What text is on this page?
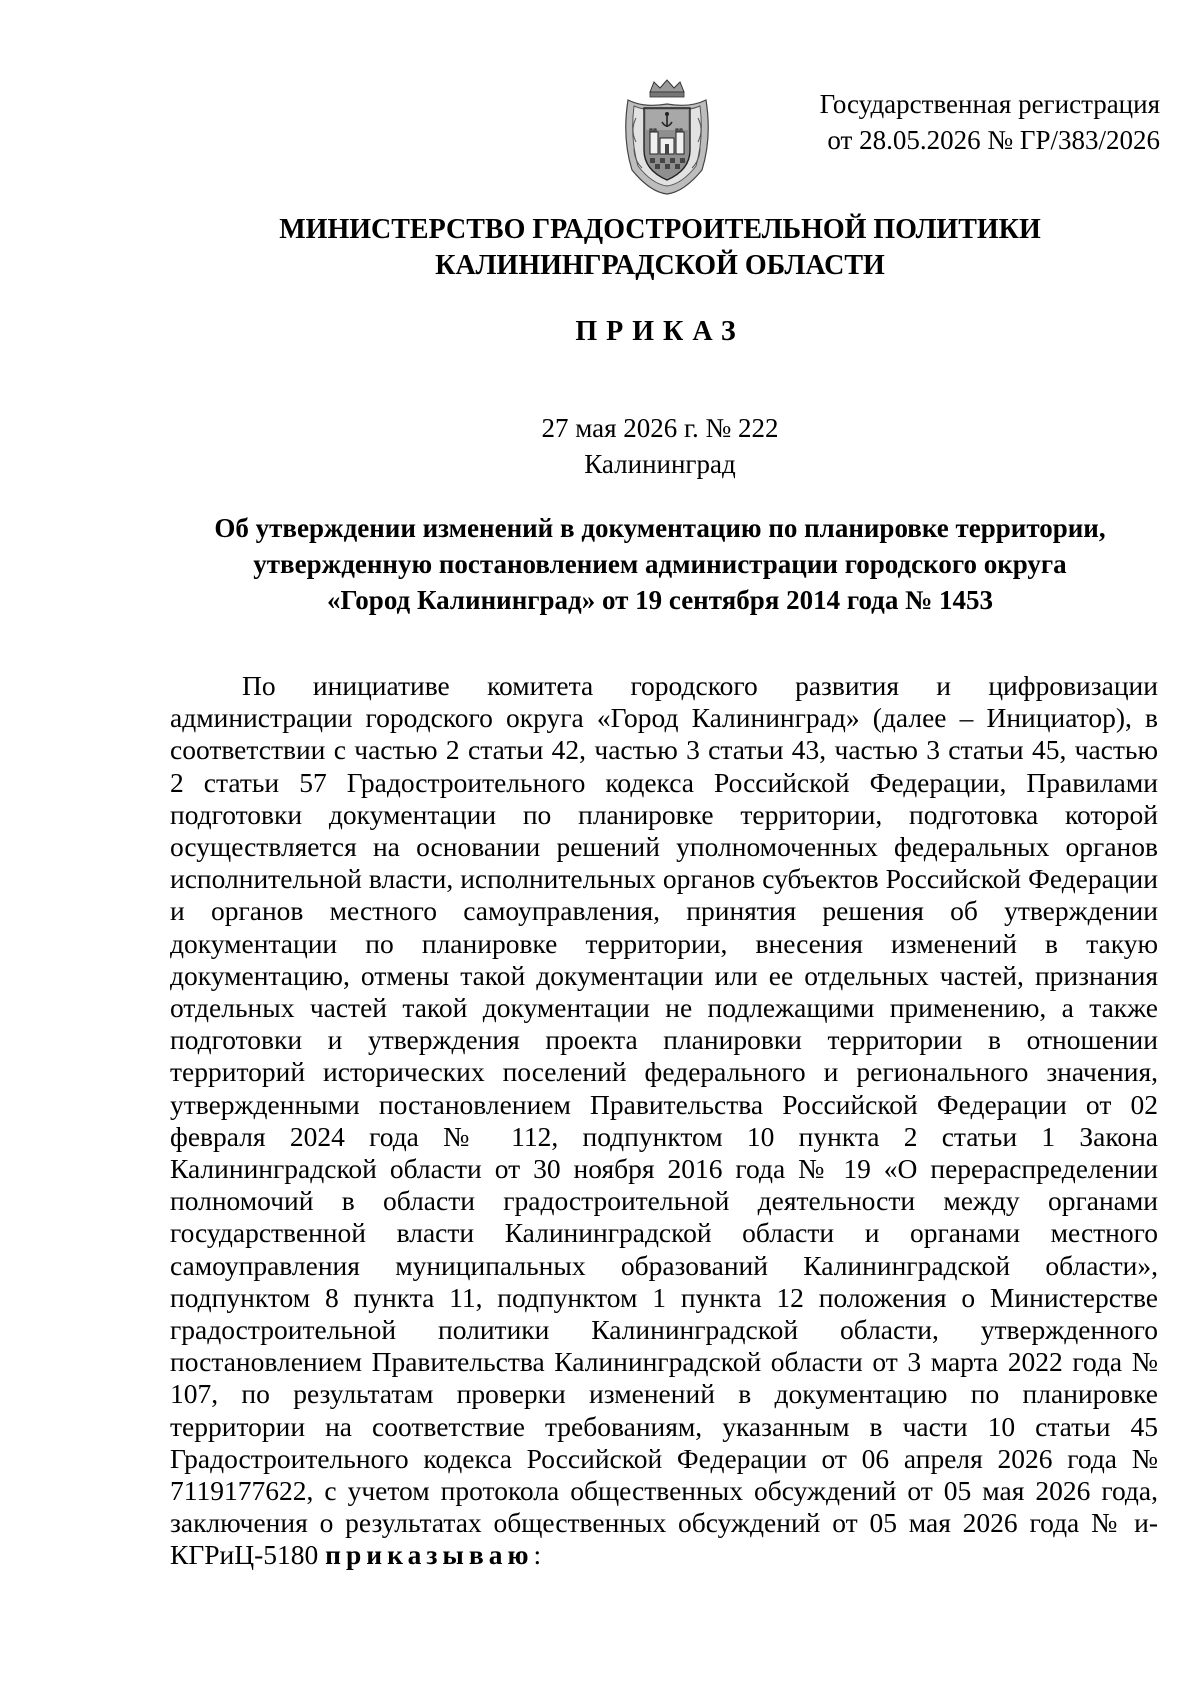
Государственная регистрация
от 28.05.2026 № ГР/383/2026
МИНИСТЕРСТВО ГРАДОСТРОИТЕЛЬНОЙ ПОЛИТИКИ
КАЛИНИНГРАДСКОЙ ОБЛАСТИ
ПРИКАЗ
27 мая 2026 г. № 222
Калининград
Об утверждении изменений в документацию по планировке территории,
утвержденную постановлением администрации городского округа
«Город Калининград» от 19 сентября 2014 года № 1453

По инициативе комитета городского развития и цифровизации администрации городского округа «Город Калининград» (далее – Инициатор), в соответствии с частью 2 статьи 42, частью 3 статьи 43, частью 3 статьи 45, частью 2 статьи 57 Градостроительного кодекса Российской Федерации, Правилами подготовки документации по планировке территории, подготовка которой осуществляется на основании решений уполномоченных федеральных органов исполнительной власти, исполнительных органов субъектов Российской Федерации и органов местного самоуправления, принятия решения об утверждении документации по планировке территории, внесения изменений в такую документацию, отмены такой документации или ее отдельных частей, признания отдельных частей такой документации не подлежащими применению, а также подготовки и утверждения проекта планировки территории в отношении территорий исторических поселений федерального и регионального значения, утвержденными постановлением Правительства Российской Федерации от 02 февраля 2024 года № 112, подпунктом 10 пункта 2 статьи 1 Закона Калининградской области от 30 ноября 2016 года № 19 «О перераспределении полномочий в области градостроительной деятельности между органами государственной власти Калининградской области и органами местного самоуправления муниципальных образований Калининградской области», подпунктом 8 пункта 11, подпунктом 1 пункта 12 положения о Министерстве градостроительной политики Калининградской области, утвержденного постановлением Правительства Калининградской области от 3 марта 2022 года № 107, по результатам проверки изменений в документацию по планировке территории на соответствие требованиям, указанным в части 10 статьи 45 Градостроительного кодекса Российской Федерации от 06 апреля 2026 года № 7119177622, с учетом протокола общественных обсуждений от 05 мая 2026 года, заключения о результатах общественных обсуждений от 05 мая 2026 года № и-КГРиЦ-5180 приказываю:
